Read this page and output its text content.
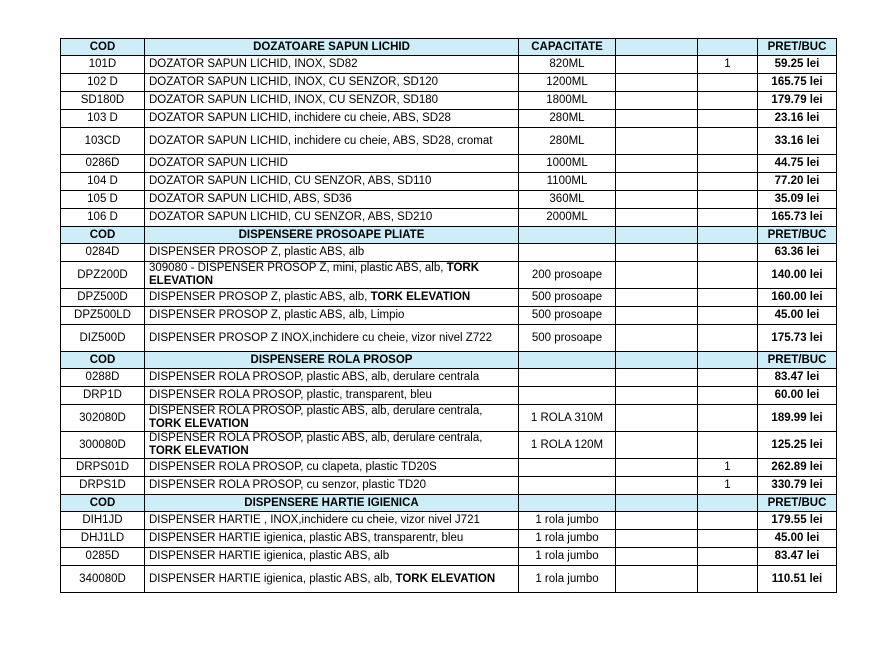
COD	DOZATOARE SAPUN LICHID	CAPACITATE			PRET/BUC
101D	DOZATOR SAPUN LICHID, INOX, SD82	820ML		1	59.25 lei
102 D	DOZATOR SAPUN LICHID, INOX, CU SENZOR, SD120	1200ML			165.75 lei
SD180D	DOZATOR SAPUN LICHID, INOX, CU SENZOR, SD180	1800ML			179.79 lei
103 D	DOZATOR SAPUN LICHID, inchidere cu cheie, ABS, SD28	280ML			23.16 lei
103CD	DOZATOR SAPUN LICHID, inchidere cu cheie, ABS, SD28, cromat	280ML			33.16 lei
0286D	DOZATOR SAPUN LICHID	1000ML			44.75 lei
104 D	DOZATOR SAPUN LICHID, CU SENZOR, ABS, SD110	1100ML			77.20 lei
105 D	DOZATOR SAPUN LICHID, ABS, SD36	360ML			35.09 lei
106 D	DOZATOR SAPUN LICHID, CU SENZOR, ABS, SD210	2000ML			165.73 lei
COD	DISPENSERE PROSOAPE PLIATE				PRET/BUC
0284D	DISPENSER PROSOP Z, plastic ABS, alb				63.36 lei
DPZ200D	309080 - DISPENSER PROSOP Z, mini, plastic ABS, alb, TORK ELEVATION	200 prosoape			140.00 lei
DPZ500D	DISPENSER PROSOP Z, plastic ABS, alb, TORK ELEVATION	500 prosoape			160.00 lei
DPZ500LD	DISPENSER PROSOP Z, plastic ABS, alb, Limpio	500 prosoape			45.00 lei
DIZ500D	DISPENSER PROSOP Z INOX,inchidere cu cheie, vizor nivel Z722	500 prosoape			175.73 lei
COD	DISPENSERE ROLA PROSOP				PRET/BUC
0288D	DISPENSER ROLA PROSOP, plastic ABS, alb, derulare centrala				83.47 lei
DRP1D	DISPENSER ROLA PROSOP, plastic, transparent, bleu				60.00 lei
302080D	DISPENSER ROLA PROSOP, plastic ABS, alb, derulare centrala, TORK ELEVATION	1 ROLA 310M			189.99 lei
300080D	DISPENSER ROLA PROSOP, plastic ABS, alb, derulare centrala, TORK ELEVATION	1 ROLA 120M			125.25 lei
DRPS01D	DISPENSER ROLA PROSOP, cu clapeta, plastic TD20S			1	262.89 lei
DRPS1D	DISPENSER ROLA PROSOP, cu senzor, plastic TD20			1	330.79 lei
COD	DISPENSERE HARTIE IGIENICA				PRET/BUC
DIH1JD	DISPENSER HARTIE , INOX,inchidere cu cheie, vizor nivel J721	1 rola jumbo			179.55 lei
DHJ1LD	DISPENSER HARTIE igienica, plastic ABS, transparentr, bleu	1 rola jumbo			45.00 lei
0285D	DISPENSER HARTIE igienica, plastic ABS, alb	1 rola jumbo			83.47 lei
340080D	DISPENSER HARTIE igienica, plastic ABS, alb, TORK ELEVATION	1 rola jumbo			110.51 lei
